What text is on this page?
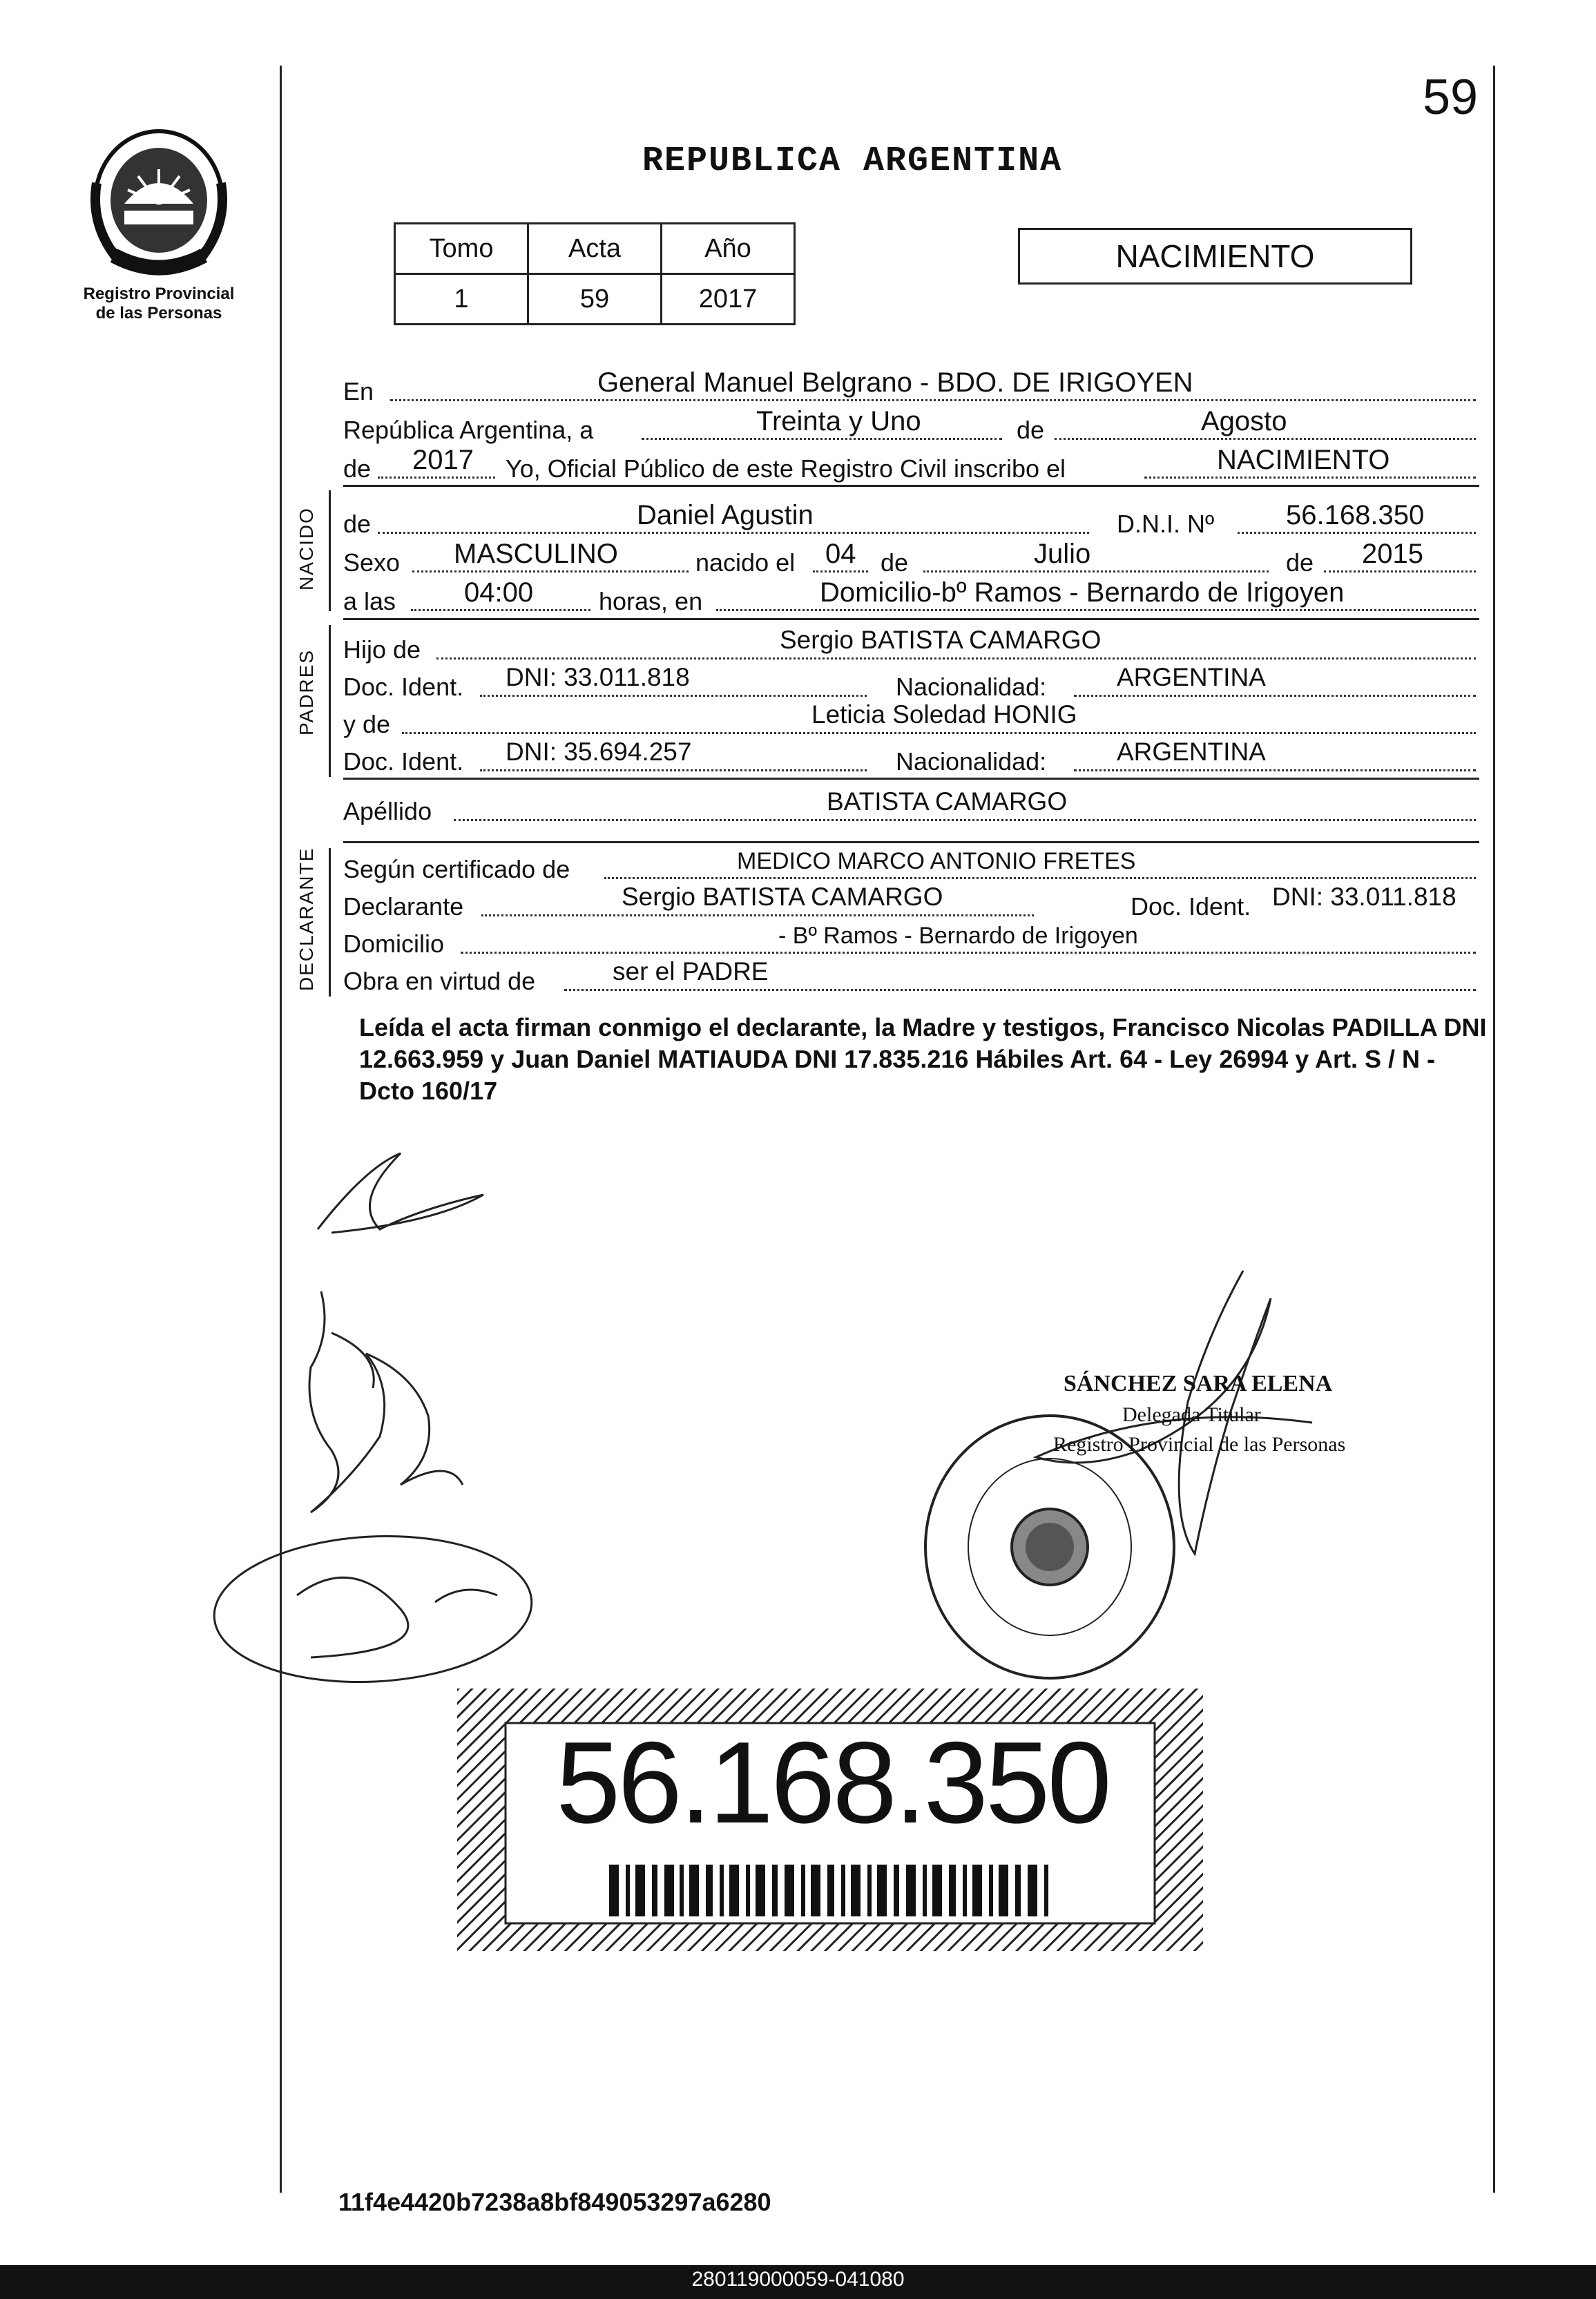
59
Registro Provincial
de las Personas
REPUBLICA ARGENTINA
Tomo	Acta	Año
1	59	2017
NACIMIENTO
En	General Manuel Belgrano - BDO. DE IRIGOYEN
República Argentina, a	Treinta y Uno	de	Agosto
de 2017 Yo, Oficial Público de este Registro Civil inscribo el	NACIMIENTO
NACIDO de	Daniel Agustin	D.N.I. Nº	56.168.350
Sexo MASCULINO	nacido el 04 de	Julio	de 2015
a las 04:00	horas, en	Domicilio-bº Ramos - Bernardo de Irigoyen
PADRES Hijo de	Sergio BATISTA CAMARGO
Doc. Ident. DNI: 33.011.818	Nacionalidad:	ARGENTINA
y de	Leticia Soledad HONIG
Doc. Ident. DNI: 35.694.257	Nacionalidad:	ARGENTINA
Apéllido	BATISTA CAMARGO
DECLARANTE Según certificado de	MEDICO MARCO ANTONIO FRETES
Declarante	Sergio BATISTA CAMARGO	Doc. Ident. DNI: 33.011.818
Domicilio	- Bº Ramos - Bernardo de Irigoyen
Obra en virtud de	ser el PADRE
Leída el acta firman conmigo el declarante, la Madre y testigos, Francisco Nicolas PADILLA DNI 12.663.959 y Juan Daniel MATIAUDA DNI 17.835.216 Hábiles Art. 64 - Ley 26994 y Art. S / N - Dcto 160/17
SÁNCHEZ SARA ELENA
Delegada Titular
Registro Provincial de las Personas
56.168.350
11f4e4420b7238a8bf849053297a6280
280119000059-041080
